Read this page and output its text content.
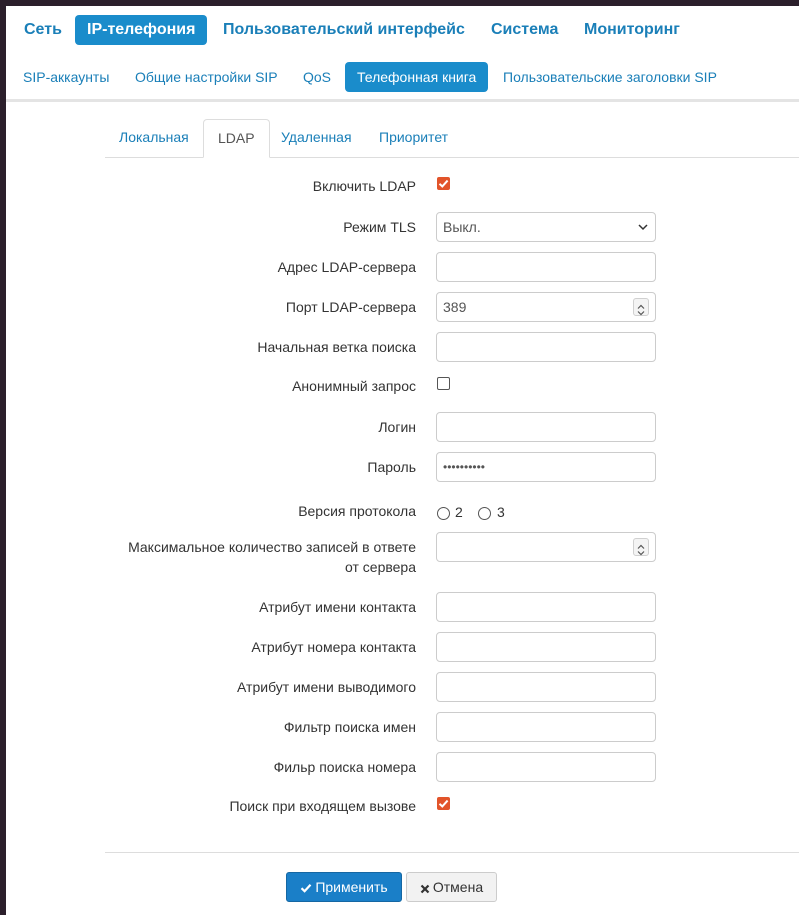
Сеть	IP-телефония	Пользовательский интерфейс	Система	Мониторинг
SIP-аккаунты	Общие настройки SIP	QoS	Телефонная книга	Пользовательские заголовки SIP
Локальная	LDAP	Удаленная	Приоритет
Включить LDAP
Режим TLS	Выкл.
Адрес LDAP-сервера
Порт LDAP-сервера	389
Начальная ветка поиска
Анонимный запрос
Логин
Пароль	••••••••••
Версия протокола	2 3
Максимальное количество записей в ответе от сервера
Атрибут имени контакта
Атрибут номера контакта
Атрибут имени выводимого
Фильтр поиска имен
Фильр поиска номера
Поиск при входящем вызове
Применить	Отмена
